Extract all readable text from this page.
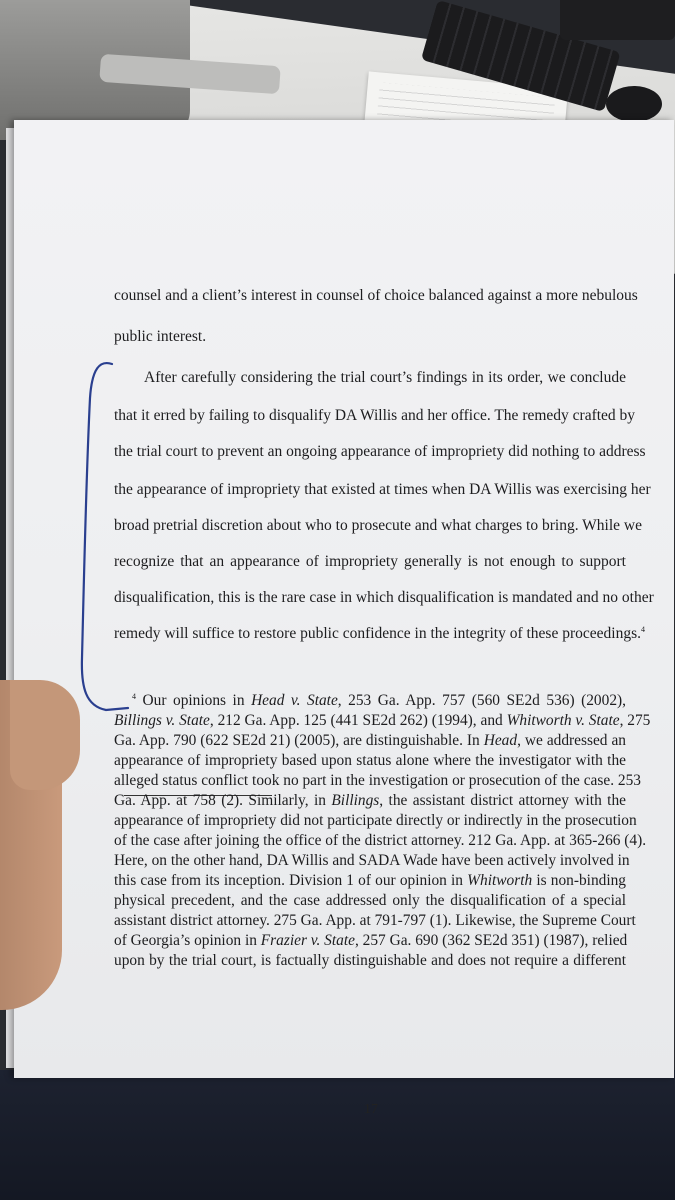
counsel and a client’s interest in counsel of choice balanced against a more nebulous
public interest.
After carefully considering the trial court’s findings in its order, we conclude
that it erred by failing to disqualify DA Willis and her office. The remedy crafted by
the trial court to prevent an ongoing appearance of impropriety did nothing to address
the appearance of impropriety that existed at times when DA Willis was exercising her
broad pretrial discretion about who to prosecute and what charges to bring. While we
recognize that an appearance of impropriety generally is not enough to support
disqualification, this is the rare case in which disqualification is mandated and no other
remedy will suffice to restore public confidence in the integrity of these proceedings.$^4$
$^4$ Our opinions in Head v. State, 253 Ga. App. 757 (560 SE2d 536) (2002),
Billings v. State, 212 Ga. App. 125 (441 SE2d 262) (1994), and Whitworth v. State, 275
Ga. App. 790 (622 SE2d 21) (2005), are distinguishable. In Head, we addressed an
appearance of impropriety based upon status alone where the investigator with the
alleged status conflict took no part in the investigation or prosecution of the case. 253
Ga. App. at 758 (2). Similarly, in Billings, the assistant district attorney with the
appearance of impropriety did not participate directly or indirectly in the prosecution
of the case after joining the office of the district attorney. 212 Ga. App. at 365-266 (4).
Here, on the other hand, DA Willis and SADA Wade have been actively involved in
this case from its inception. Division 1 of our opinion in Whitworth is non-binding
physical precedent, and the case addressed only the disqualification of a special
assistant district attorney. 275 Ga. App. at 791-797 (1). Likewise, the Supreme Court
of Georgia’s opinion in Frazier v. State, 257 Ga. 690 (362 SE2d 351) (1987), relied
upon by the trial court, is factually distinguishable and does not require a different
17
